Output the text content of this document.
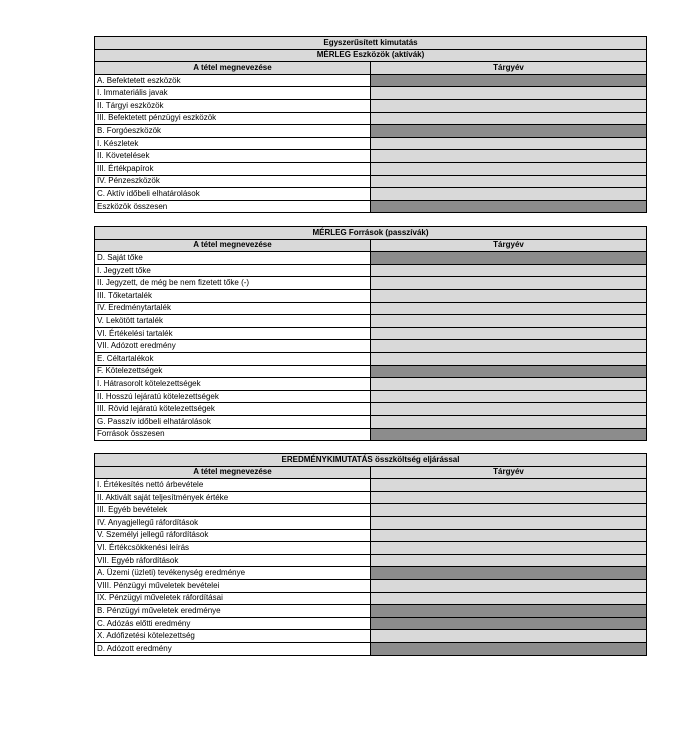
Egyszerűsített kimutatás	
MÉRLEG Eszközök (aktívák)	
A tétel megnevezése	Tárgyév
A. Befektetett eszközök	
I. Immateriális javak	
II. Tárgyi eszközök	
III. Befektetett pénzügyi eszközök	
B. Forgóeszközök	
I. Készletek	
II. Követelések	
III. Értékpapírok	
IV. Pénzeszközök	
C. Aktív időbeli elhatárolások	
Eszközök összesen	
MÉRLEG Források (passzívák)	
A tétel megnevezése	Tárgyév
D. Saját tőke	
I. Jegyzett tőke	
II. Jegyzett, de még be nem fizetett tőke (-)	
III. Tőketartalék	
IV. Eredménytartalék	
V. Lekötött tartalék	
VI. Értékelési tartalék	
VII. Adózott eredmény	
E. Céltartalékok	
F. Kötelezettségek	
I. Hátrasorolt kötelezettségek	
II. Hosszú lejáratú kötelezettségek	
III. Rövid lejáratú kötelezettségek	
G. Passzív időbeli elhatárolások	
Források összesen	
EREDMÉNYKIMUTATÁS összköltség eljárással	
A tétel megnevezése	Tárgyév
I. Értékesítés nettó árbevétele	
II. Aktivált saját teljesítmények értéke	
III. Egyéb bevételek	
IV. Anyagjellegű ráfordítások	
V. Személyi jellegű ráfordítások	
VI. Értékcsökkenési leírás	
VII. Egyéb ráfordítások	
A. Üzemi (üzleti) tevékenység eredménye	
VIII. Pénzügyi műveletek bevételei	
IX. Pénzügyi műveletek ráfordításai	
B. Pénzügyi műveletek eredménye	
C. Adózás előtti eredmény	
X. Adófizetési kötelezettség	
D. Adózott eredmény	
